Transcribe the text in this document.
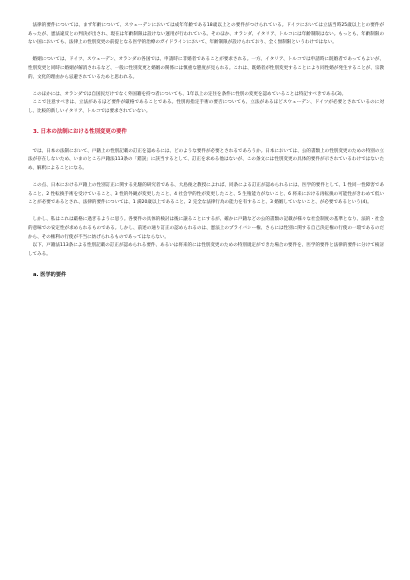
法律的要件については、まず年齢について、スウェーデンにおいては成年年齢である18歳以上との要件がつけられている。ドイツにおいては立法当時25歳以上との要件があったが、憲法違反との判決が出され、現在は年齢制限は設けない運用が行われている。そのほか、オランダ、イタリア、トルコには年齢制限はない。もっとも、年齢制限のない国においても、法律上の性別変更の前提となる医学的治療のガイドラインにおいて、年齢制限が設けられており、全く無制限というわけではない。

婚姻については、ドイツ、スウェーデン、オランダの各国では、申請時に非婚者であることが要求される。一方、イタリア、トルコでは申請時に既婚者であってもよいが、性別変更と同時に婚姻が解消されるなど、一般に性別変更と婚姻の関係には慎重な態度が見られる。これは、既婚者が性別変更することにより同性婚が発生することが、宗教的、文化的理由から忌避されているためと思われる。

このほかには、オランダでは自国民だけでなく外国籍を持つ者についても、1年以上の定住を条件に性別の変更を認めていることは特記すべきである(3)。

ここで注意すべきは、立法があるほど要件が厳格であることである。性別再指定手術の要否についても、立法があるほどスウェーデン、ドイツが必要とされているのに対し、比較的新しいイタリア、トルコでは要求されていない。

3. 日本の法制における性別変更の要件

では、日本の法制において、戸籍上の性別記載の訂正を認めるには、どのような要件が必要とされるであろうか。日本においては、公的書類上の性別変更のための特別の立法が存在しないため、いまのところ戸籍法113条の「錯誤」に該当するとして、訂正を求める他はないが、この条文には性別変更の具体的要件が示されているわけではないため、解釈によることになる。

この点、日本における戸籍上の性別訂正に関する先駆的研究者である、大島俊之教授によれば、同条による訂正が認められるには、医学的要件として、1 性同一性障害であること、2 性転換手術を受けていること、3 性的外観が変更したこと、4 社会学的性が変更したこと、5 生殖能力がないこと、6 将来における再転換の可能性がきわめて低いことが必要であるとされ、法律的要件については、1 満20歳以上であること、2 完全な法律行為の能力を有すること、3 婚姻していないこと、が必要であるという(4)。

しかし、私はこれは厳格に過ぎるように思う。各要件の具体的検討は後に譲ることにするが、確かに戸籍などの公的書類の記載が様々な社会制度の基準となり、法的・社会的意味での安定性が求められるものである。しかし、前述の通り訂正の認められるのは、憲法上のプライバシー権、さらには性別に関する自己決定権の行使の一環であるのだから、その権利の行使が不当に妨げられるものであってはならない。

以下、戸籍法113条による性別記載の訂正が認められる要件、あるいは将来的には性別変更のための特別規定ができた場合の要件を、医学的要件と法律的要件に分けて検討してみる。

a. 医学的要件
